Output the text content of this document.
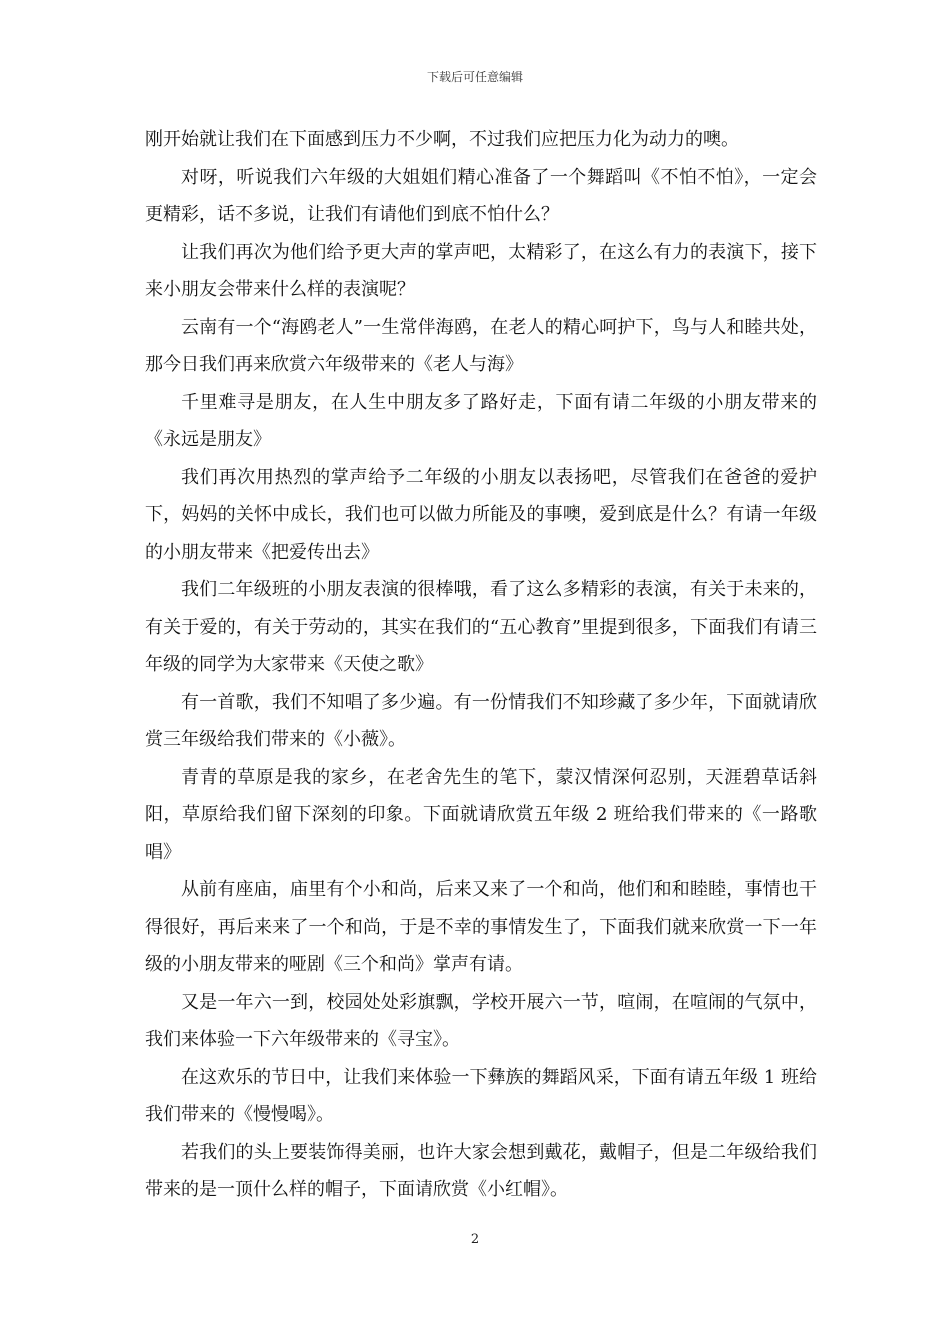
下载后可任意编辑

刚开始就让我们在下面感到压力不少啊，不过我们应把压力化为动力的噢。

对呀，听说我们六年级的大姐姐们精心准备了一个舞蹈叫《不怕不怕》，一定会更精彩，话不多说，让我们有请他们到底不怕什么？

让我们再次为他们给予更大声的掌声吧，太精彩了，在这么有力的表演下，接下来小朋友会带来什么样的表演呢？

云南有一个“海鸥老人”一生常伴海鸥，在老人的精心呵护下，鸟与人和睦共处，那今日我们再来欣赏六年级带来的《老人与海》

千里难寻是朋友，在人生中朋友多了路好走，下面有请二年级的小朋友带来的《永远是朋友》

我们再次用热烈的掌声给予二年级的小朋友以表扬吧，尽管我们在爸爸的爱护下，妈妈的关怀中成长，我们也可以做力所能及的事噢，爱到底是什么？有请一年级的小朋友带来《把爱传出去》

我们二年级班的小朋友表演的很棒哦，看了这么多精彩的表演，有关于未来的，有关于爱的，有关于劳动的，其实在我们的“五心教育”里提到很多，下面我们有请三年级的同学为大家带来《天使之歌》

有一首歌，我们不知唱了多少遍。有一份情我们不知珍藏了多少年，下面就请欣赏三年级给我们带来的《小薇》。

青青的草原是我的家乡，在老舍先生的笔下，蒙汉情深何忍别，天涯碧草话斜阳，草原给我们留下深刻的印象。下面就请欣赏五年级 2 班给我们带来的《一路歌唱》

从前有座庙，庙里有个小和尚，后来又来了一个和尚，他们和和睦睦，事情也干得很好，再后来来了一个和尚，于是不幸的事情发生了，下面我们就来欣赏一下一年级的小朋友带来的哑剧《三个和尚》掌声有请。

又是一年六一到，校园处处彩旗飘，学校开展六一节，喧闹，在喧闹的气氛中，我们来体验一下六年级带来的《寻宝》。

在这欢乐的节日中，让我们来体验一下彝族的舞蹈风采，下面有请五年级 1 班给我们带来的《慢慢喝》。

若我们的头上要装饰得美丽，也许大家会想到戴花，戴帽子，但是二年级给我们带来的是一顶什么样的帽子，下面请欣赏《小红帽》。

2
